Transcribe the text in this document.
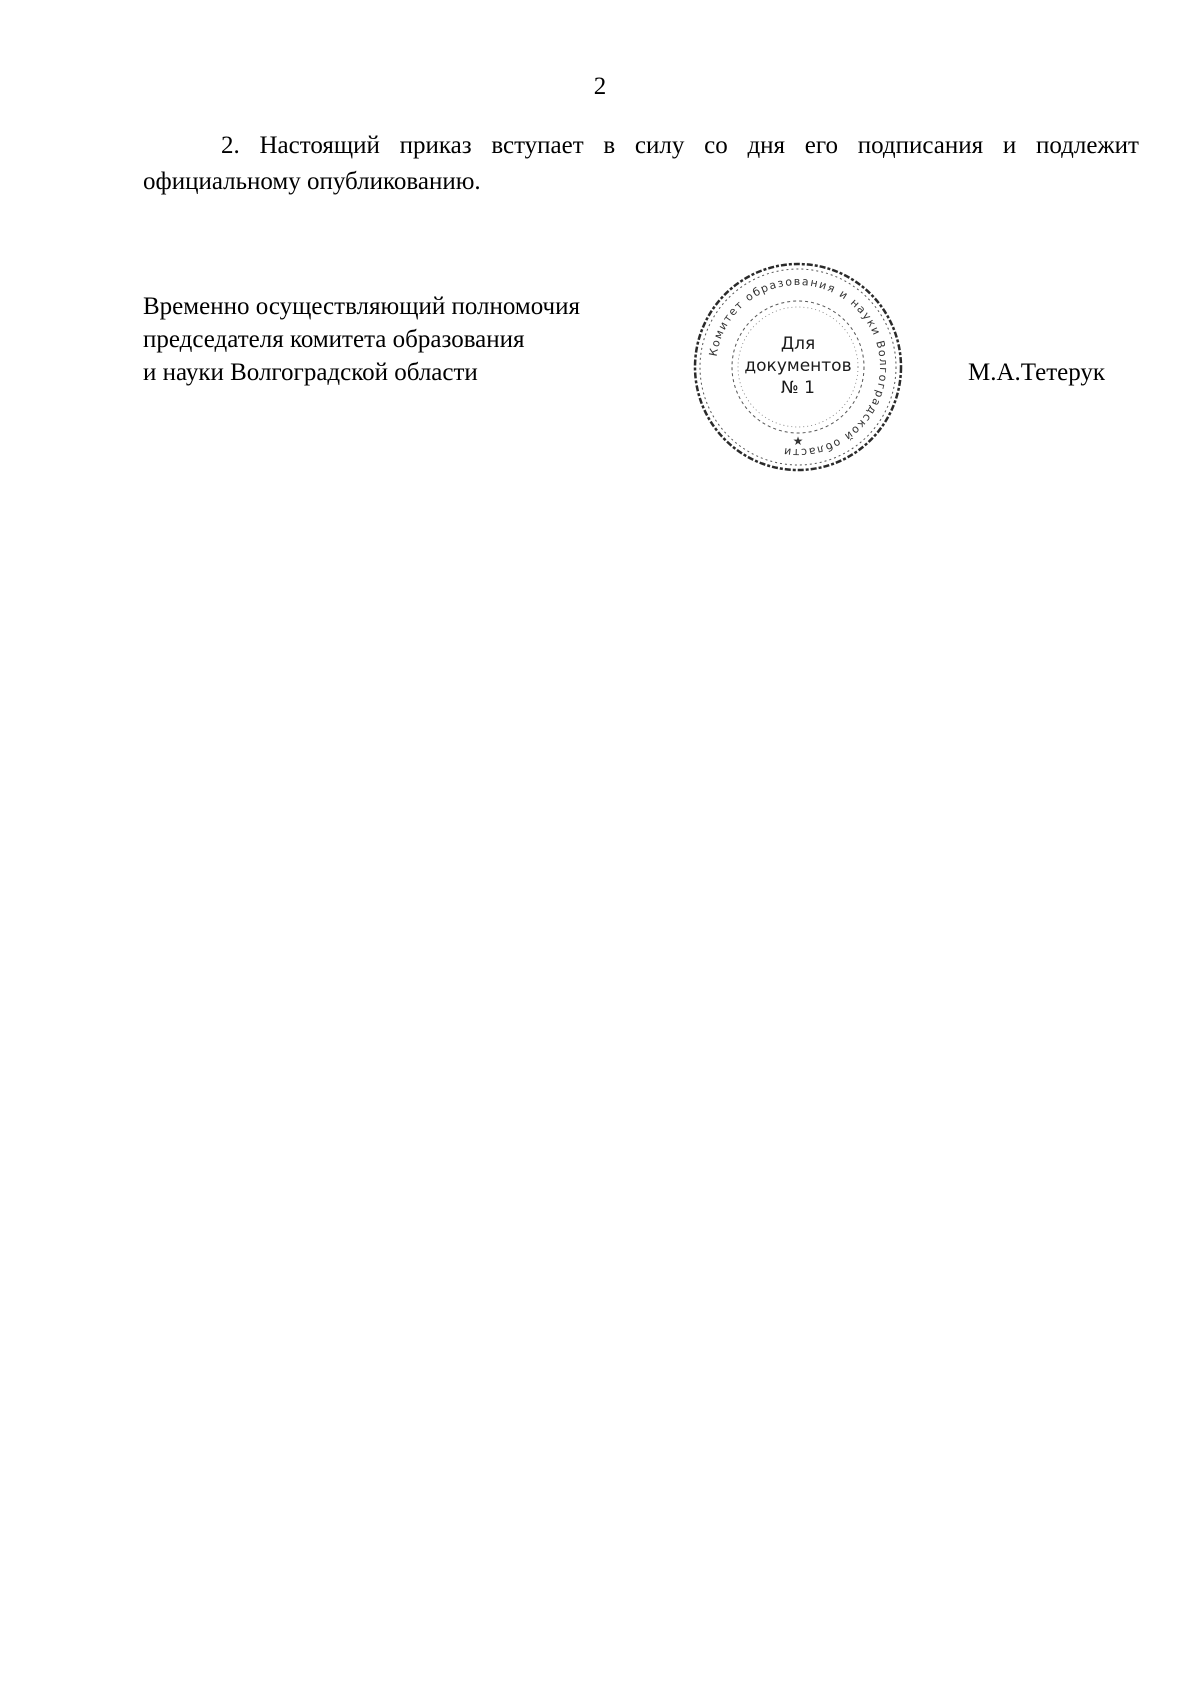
2

2. Настоящий приказ вступает в силу со дня его подписания и подлежит официальному опубликованию.

Временно осуществляющий полномочия
председателя комитета образования
и науки Волгоградской области
Комитет образования и науки Волгоградской области
Для
документов
№ 1
★
М.А.Тетерук
